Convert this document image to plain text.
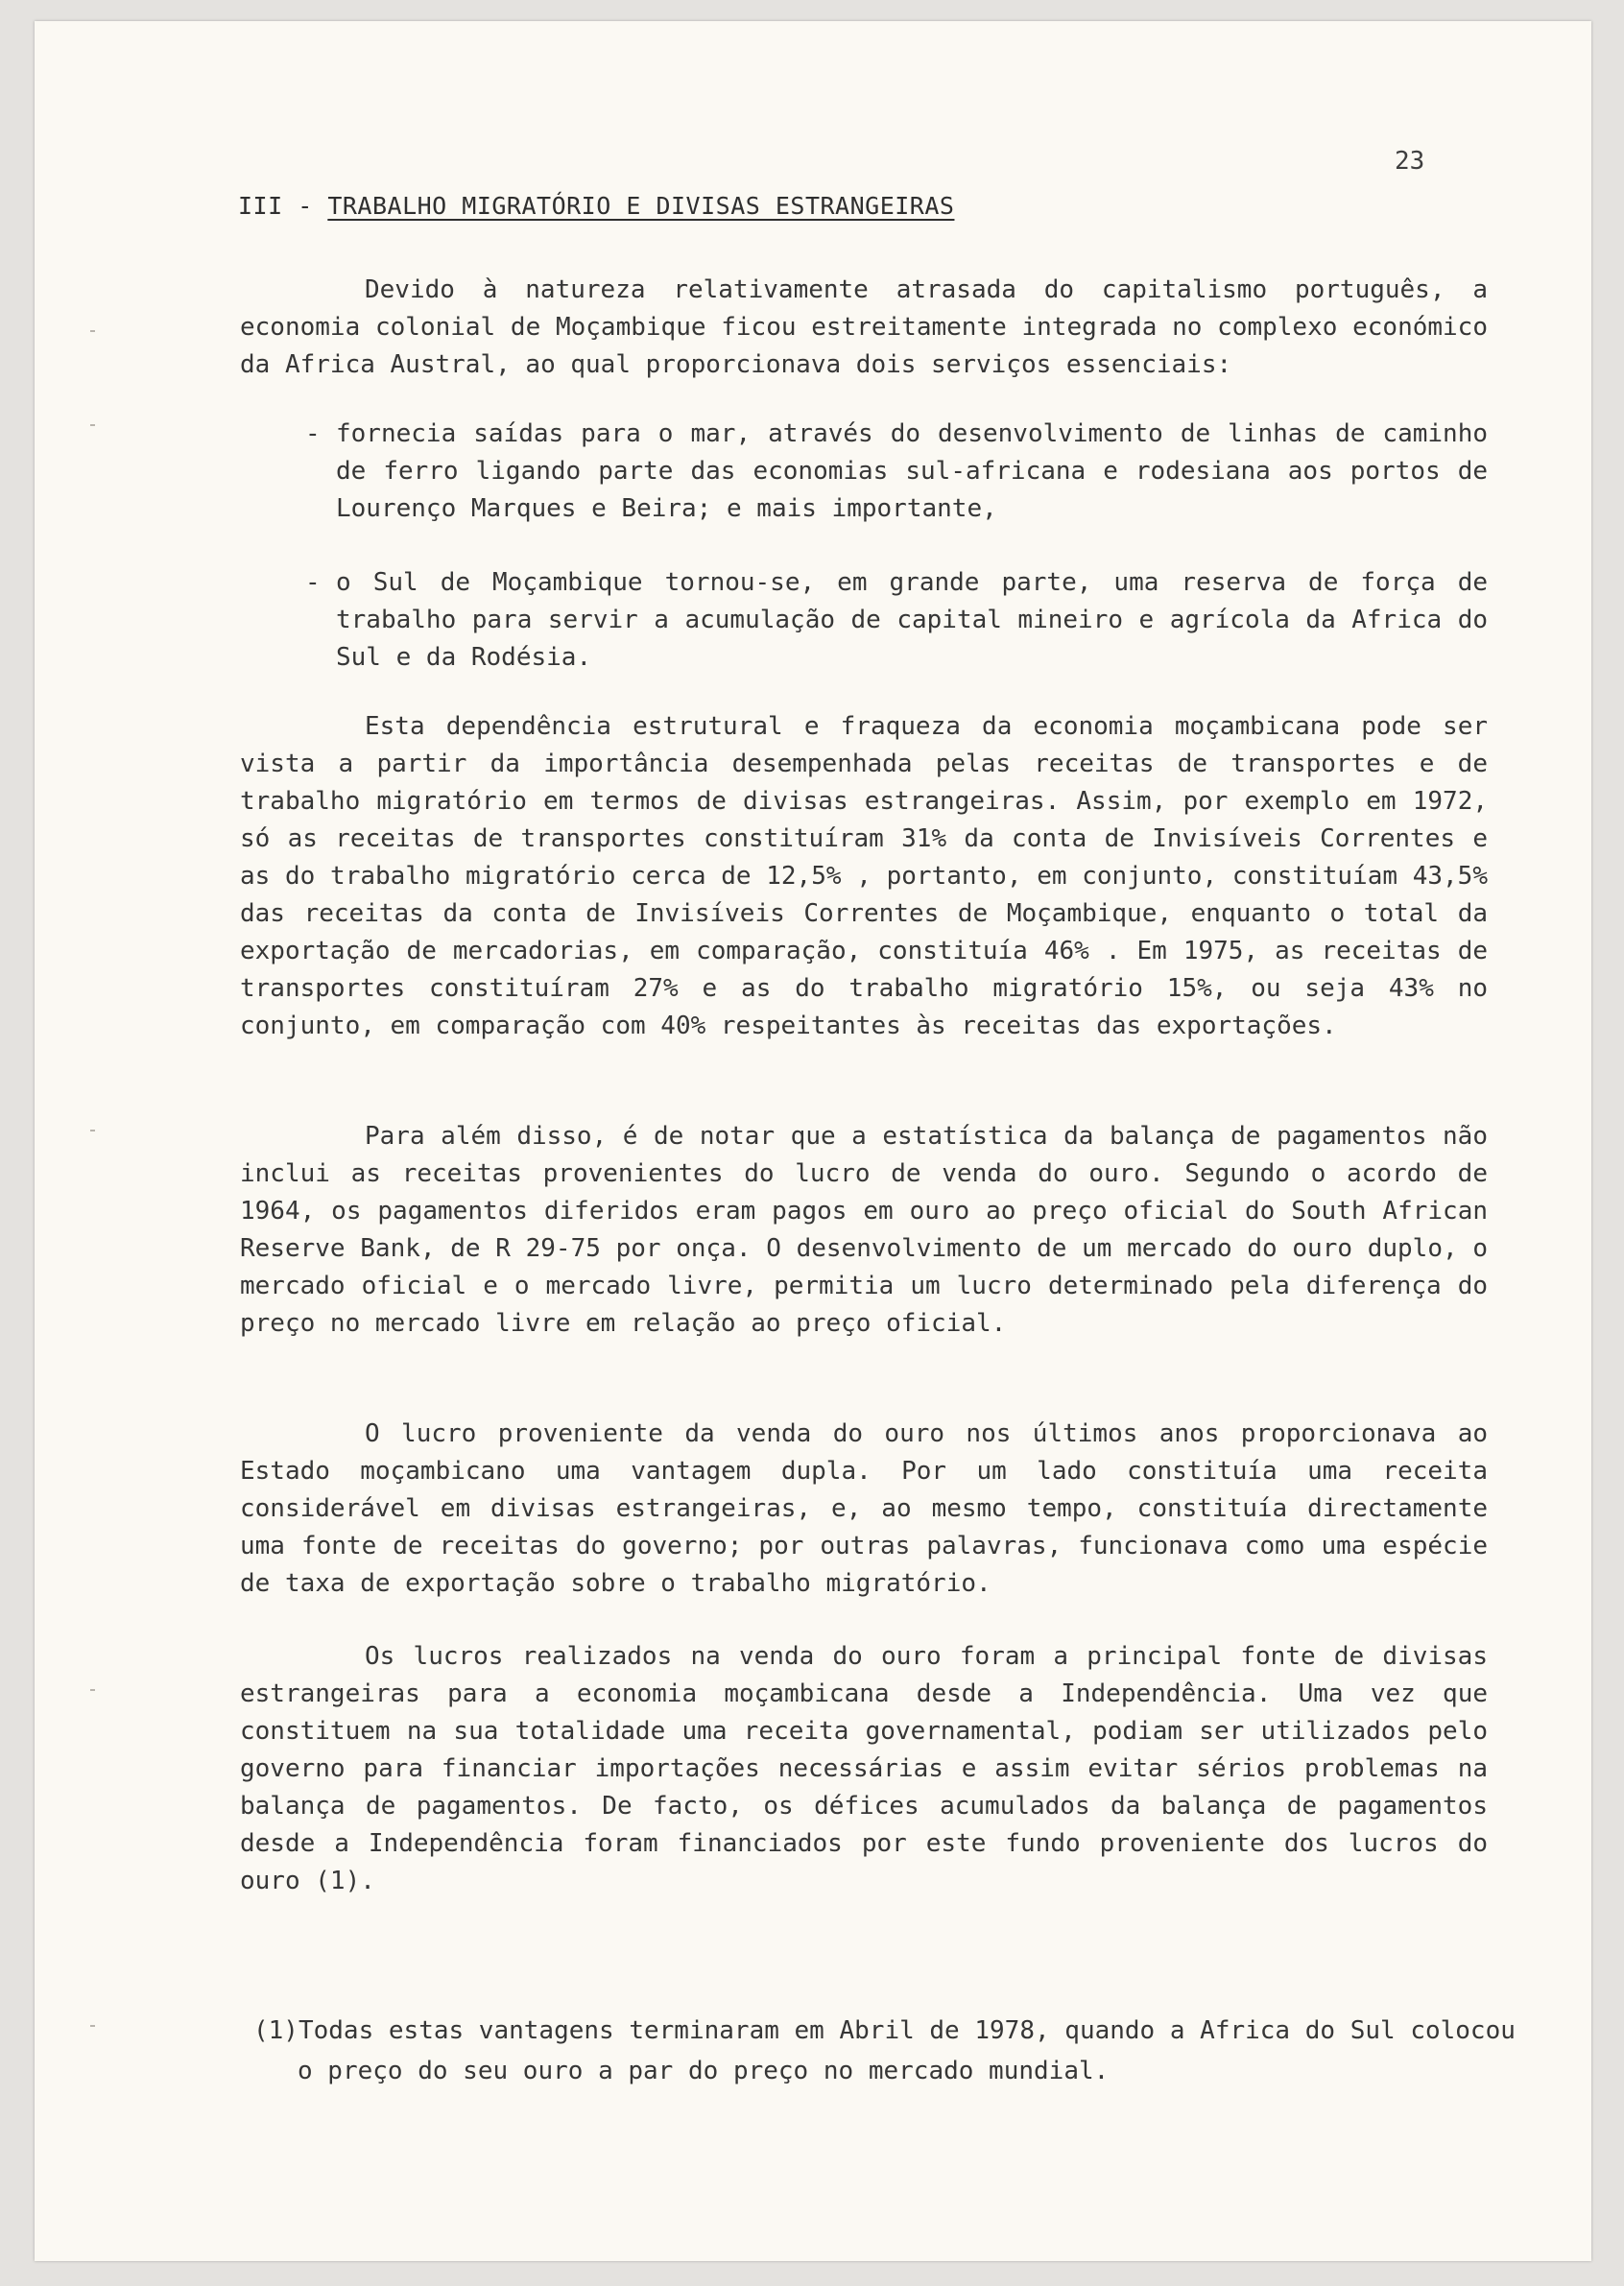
23
III - TRABALHO MIGRATÓRIO E DIVISAS ESTRANGEIRAS

Devido à natureza relativamente atrasada do capitalismo português, a economia colonial de Moçambique ficou estreitamente integrada no complexo económico da Africa Austral, ao qual proporcionava dois serviços essenciais:

- fornecia saídas para o mar, através do desenvolvimento de linhas de caminho de ferro ligando parte das economias sul-africana e rodesiana aos portos de Lourenço Marques e Beira; e mais importante,

- o Sul de Moçambique tornou-se, em grande parte, uma reserva de força de trabalho para servir a acumulação de capital mineiro e agrícola da Africa do Sul e da Rodésia.

Esta dependência estrutural e fraqueza da economia moçambicana pode ser vista a partir da importância desempenhada pelas receitas de transportes e de trabalho migratório em termos de divisas estrangeiras. Assim, por exemplo em 1972, só as receitas de transportes constituíram 31% da conta de Invisíveis Correntes e as do trabalho migratório cerca de 12,5% , portanto, em conjunto, constituíam 43,5% das receitas da conta de Invisíveis Correntes de Moçambique, enquanto o total da exportação de mercadorias, em comparação, constituía 46% . Em 1975, as receitas de transportes constituíram 27% e as do trabalho migratório 15%, ou seja 43% no conjunto, em comparação com 40% respeitantes às receitas das exportações.

Para além disso, é de notar que a estatística da balança de pagamentos não inclui as receitas provenientes do lucro de venda do ouro. Segundo o acordo de 1964, os pagamentos diferidos eram pagos em ouro ao preço oficial do South African Reserve Bank, de R 29-75 por onça. O desenvolvimento de um mercado do ouro duplo, o mercado oficial e o mercado livre, permitia um lucro determinado pela diferença do preço no mercado livre em relação ao preço oficial.

O lucro proveniente da venda do ouro nos últimos anos proporcionava ao Estado moçambicano uma vantagem dupla. Por um lado constituía uma receita considerável em divisas estrangeiras, e, ao mesmo tempo, constituía directamente uma fonte de receitas do governo; por outras palavras, funcionava como uma espécie de taxa de exportação sobre o trabalho migratório.

Os lucros realizados na venda do ouro foram a principal fonte de divisas estrangeiras para a economia moçambicana desde a Independência. Uma vez que constituem na sua totalidade uma receita governamental, podiam ser utilizados pelo governo para financiar importações necessárias e assim evitar sérios problemas na balança de pagamentos. De facto, os défices acumulados da balança de pagamentos desde a Independência foram financiados por este fundo proveniente dos lucros do ouro (1).

(1)Todas estas vantagens terminaram em Abril de 1978, quando a Africa do Sul colocou o preço do seu ouro a par do preço no mercado mundial.
